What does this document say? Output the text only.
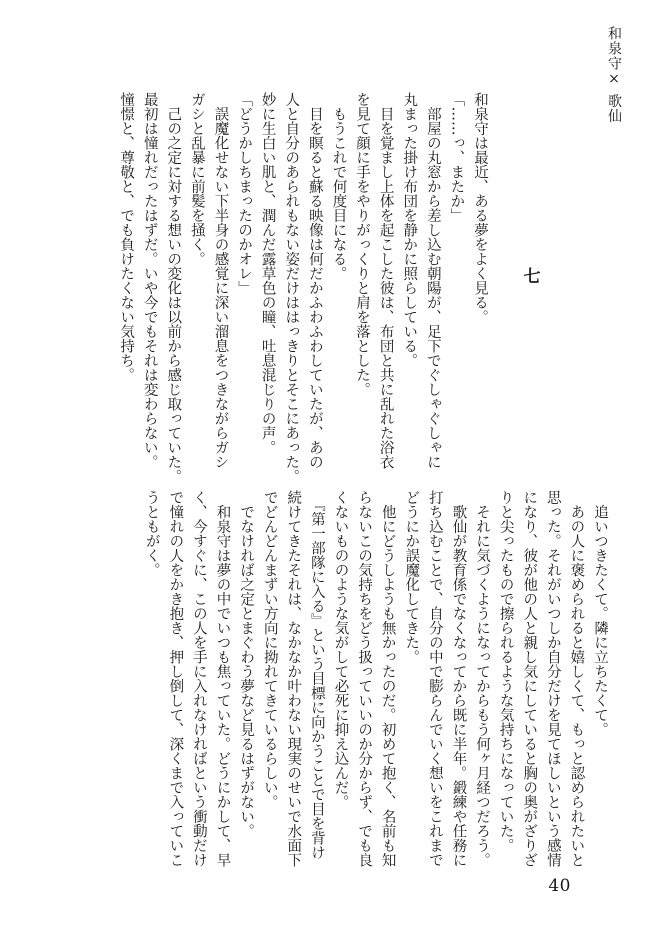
和泉守× 歌仙
七
和泉守は最近、ある夢をよく見る。
「……っ、またか」
　部屋の丸窓から差し込む朝陽が、足下でぐしゃぐしゃに
丸まった掛け布団を静かに照らしている。
　目を覚まし上体を起こした彼は、布団と共に乱れた浴衣
を見て顔に手をやりがっくりと肩を落とした。
　もうこれで何度目になる。
　目を瞑ると蘇る映像は何だかふわふわしていたが、あの
人と自分のあられもない姿だけははっきりとそこにあった。
妙に生白い肌と、潤んだ露草色の瞳、吐息混じりの声。
「どうかしちまったのかオレ」
　誤魔化せない下半身の感覚に深い溜息をつきながらガシ
ガシと乱暴に前髪を掻く。
　己の之定に対する想いの変化は以前から感じ取っていた。
最初は憧れだったはずだ。いや今でもそれは変わらない。
憧憬と、尊敬と、でも負けたくない気持ち。
　追いつきたくて。隣に立ちたくて。
　あの人に褒められると嬉しくて、もっと認められたいと
思った。それがいつしか自分だけを見てほしいという感情
になり、彼が他の人と親し気にしていると胸の奥がざりざ
りと尖ったもので擦られるような気持ちになっていた。
　それに気づくようになってからもう何ヶ月経つだろう。
　歌仙が教育係でなくなってから既に半年。鍛練や任務に
打ち込むことで、自分の中で膨らんでいく想いをこれまで
どうにか誤魔化してきた。
　他にどうしようも無かったのだ。初めて抱く、名前も知
らないこの気持ちをどう扱っていいのか分からず、でも良
くないもののような気がして必死に抑え込んだ。
　『第一部隊に入る』という目標に向かうことで目を背け
続けてきたそれは、なかなか叶わない現実のせいで水面下
でどんどんまずい方向に拗れてきているらしい。
　でなければ之定とまぐわう夢など見るはずがない。
　和泉守は夢の中でいつも焦っていた。どうにかして、早
く、今すぐに、この人を手に入れなければという衝動だけ
で憧れの人をかき抱き、押し倒して、深くまで入っていこ
うともがく。
40
